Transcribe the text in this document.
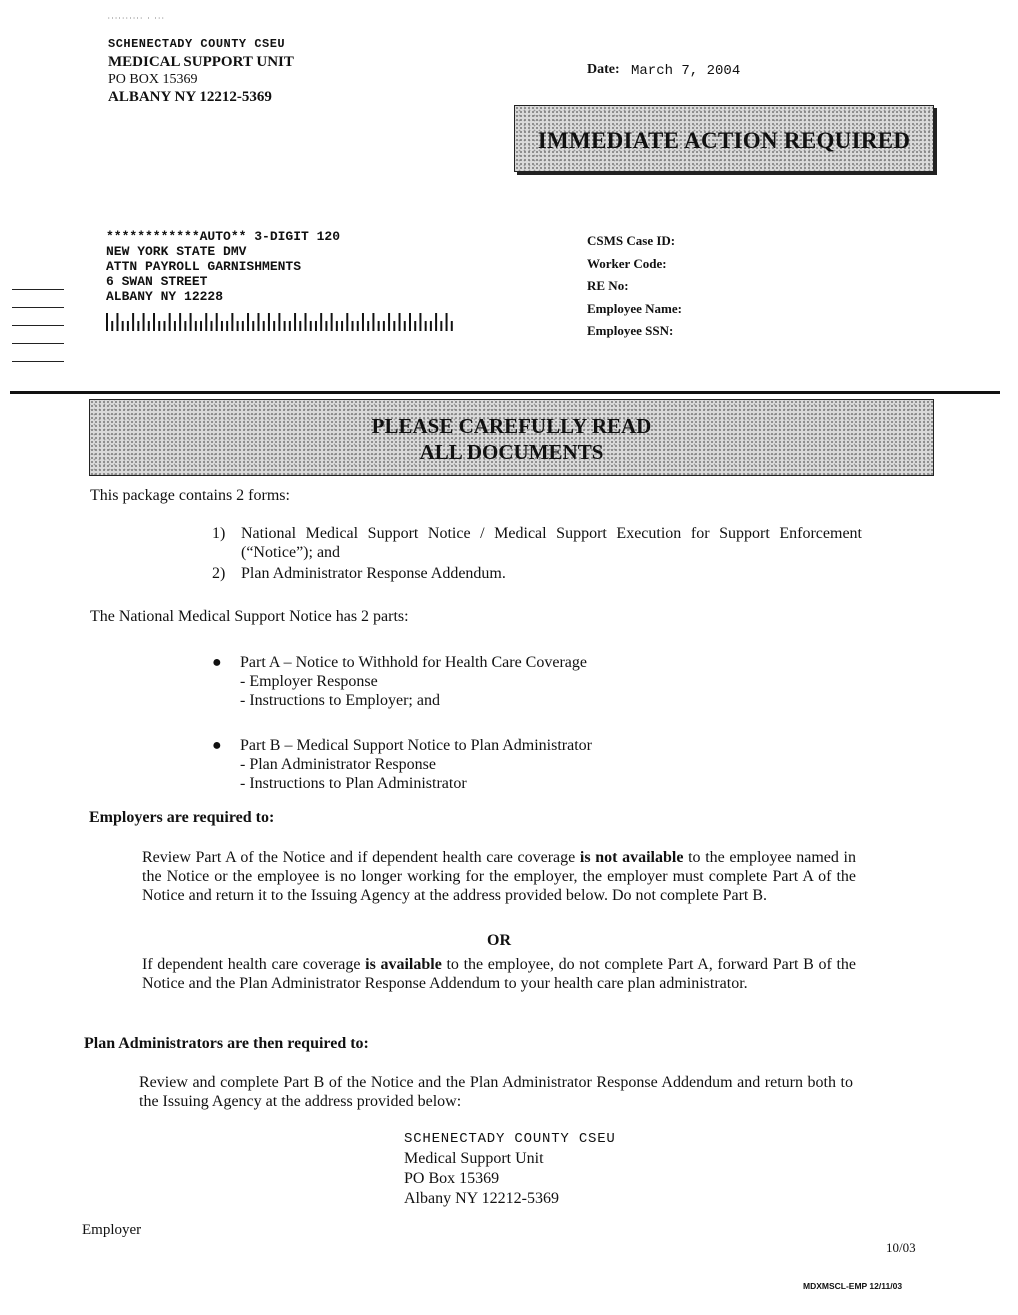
·········· · ···
SCHENECTADY COUNTY CSEU
MEDICAL SUPPORT UNIT
PO BOX 15369
ALBANY NY 12212-5369
Date: March 7, 2004
IMMEDIATE ACTION REQUIRED
************AUTO** 3-DIGIT 120
NEW YORK STATE DMV
ATTN PAYROLL GARNISHMENTS
6 SWAN STREET
ALBANY NY 12228
CSMS Case ID:
Worker Code:
RE No:
Employee Name:
Employee SSN:
PLEASE CAREFULLY READ
ALL DOCUMENTS
This package contains 2 forms:
1) National Medical Support Notice / Medical Support Execution for Support Enforcement (“Notice”); and
2) Plan Administrator Response Addendum.
The National Medical Support Notice has 2 parts:
● Part A – Notice to Withhold for Health Care Coverage
- Employer Response
- Instructions to Employer; and
● Part B – Medical Support Notice to Plan Administrator
- Plan Administrator Response
- Instructions to Plan Administrator
Employers are required to:
Review Part A of the Notice and if dependent health care coverage is not available to the employee named in the Notice or the employee is no longer working for the employer, the employer must complete Part A of the Notice and return it to the Issuing Agency at the address provided below. Do not complete Part B.
OR
If dependent health care coverage is available to the employee, do not complete Part A, forward Part B of the Notice and the Plan Administrator Response Addendum to your health care plan administrator.
Plan Administrators are then required to:
Review and complete Part B of the Notice and the Plan Administrator Response Addendum and return both to the Issuing Agency at the address provided below:
SCHENECTADY COUNTY CSEU
Medical Support Unit
PO Box 15369
Albany NY 12212-5369
Employer
10/03
MDXMSCL-EMP 12/11/03
